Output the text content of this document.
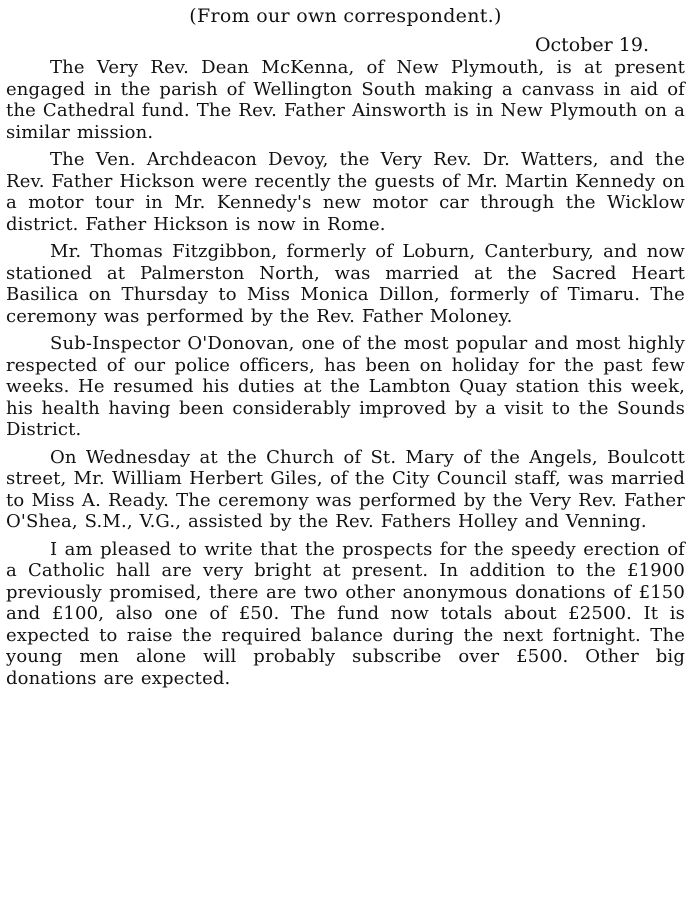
(From our own correspondent.)

October 19.

The Very Rev. Dean McKenna, of New Plymouth, is at present engaged in the parish of Wellington South making a canvass in aid of the Cathedral fund. The Rev. Father Ainsworth is in New Plymouth on a similar mission.

The Ven. Archdeacon Devoy, the Very Rev. Dr. Watters, and the Rev. Father Hickson were recently the guests of Mr. Martin Kennedy on a motor tour in Mr. Kennedy's new motor car through the Wicklow district. Father Hickson is now in Rome.

Mr. Thomas Fitzgibbon, formerly of Loburn, Canterbury, and now stationed at Palmerston North, was married at the Sacred Heart Basilica on Thursday to Miss Monica Dillon, formerly of Timaru. The ceremony was performed by the Rev. Father Moloney.

Sub-Inspector O'Donovan, one of the most popular and most highly respected of our police officers, has been on holiday for the past few weeks. He resumed his duties at the Lambton Quay station this week, his health having been considerably improved by a visit to the Sounds District.

On Wednesday at the Church of St. Mary of the Angels, Boulcott street, Mr. William Herbert Giles, of the City Council staff, was married to Miss A. Ready. The ceremony was performed by the Very Rev. Father O'Shea, S.M., V.G., assisted by the Rev. Fathers Holley and Venning.

I am pleased to write that the prospects for the speedy erection of a Catholic hall are very bright at present. In addition to the £1900 previously promised, there are two other anonymous donations of £150 and £100, also one of £50. The fund now totals about £2500. It is expected to raise the required balance during the next fortnight. The young men alone will probably subscribe over £500. Other big donations are expected.
